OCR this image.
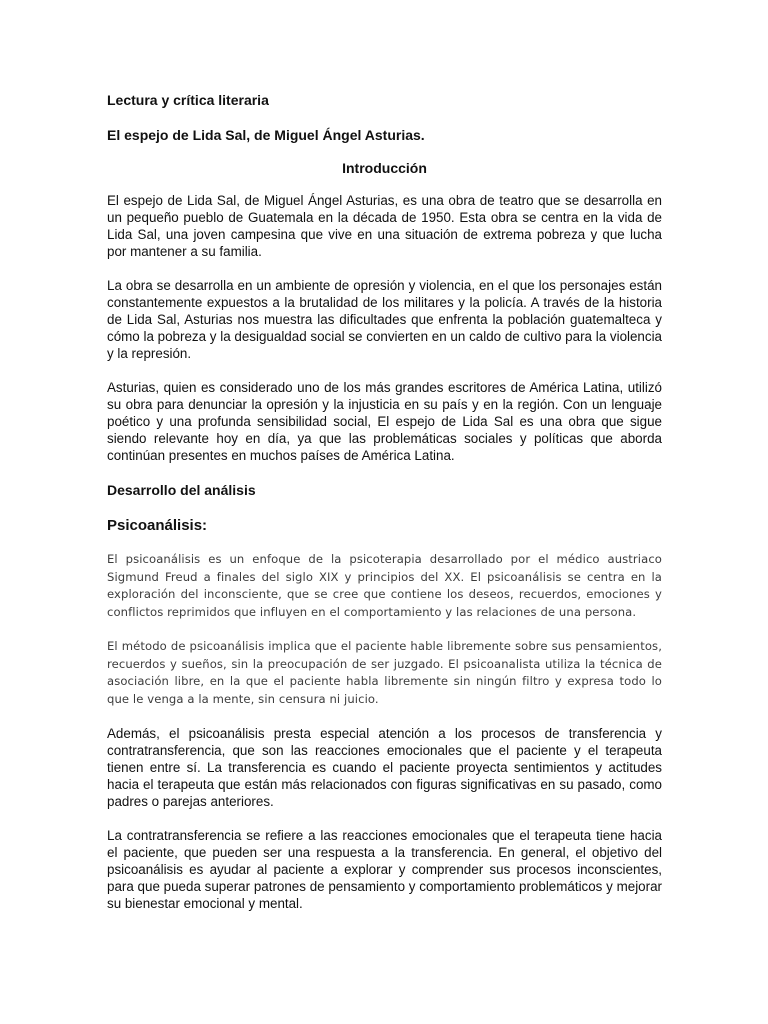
Lectura y crítica literaria
El espejo de Lida Sal, de Miguel Ángel Asturias.
Introducción

El espejo de Lida Sal, de Miguel Ángel Asturias, es una obra de teatro que se desarrolla en un pequeño pueblo de Guatemala en la década de 1950. Esta obra se centra en la vida de Lida Sal, una joven campesina que vive en una situación de extrema pobreza y que lucha por mantener a su familia.

La obra se desarrolla en un ambiente de opresión y violencia, en el que los personajes están constantemente expuestos a la brutalidad de los militares y la policía. A través de la historia de Lida Sal, Asturias nos muestra las dificultades que enfrenta la población guatemalteca y cómo la pobreza y la desigualdad social se convierten en un caldo de cultivo para la violencia y la represión.

Asturias, quien es considerado uno de los más grandes escritores de América Latina, utilizó su obra para denunciar la opresión y la injusticia en su país y en la región. Con un lenguaje poético y una profunda sensibilidad social, El espejo de Lida Sal es una obra que sigue siendo relevante hoy en día, ya que las problemáticas sociales y políticas que aborda continúan presentes en muchos países de América Latina.

Desarrollo del análisis
Psicoanálisis:

El psicoanálisis es un enfoque de la psicoterapia desarrollado por el médico austriaco Sigmund Freud a finales del siglo XIX y principios del XX. El psicoanálisis se centra en la exploración del inconsciente, que se cree que contiene los deseos, recuerdos, emociones y conflictos reprimidos que influyen en el comportamiento y las relaciones de una persona.

El método de psicoanálisis implica que el paciente hable libremente sobre sus pensamientos, recuerdos y sueños, sin la preocupación de ser juzgado. El psicoanalista utiliza la técnica de asociación libre, en la que el paciente habla libremente sin ningún filtro y expresa todo lo que le venga a la mente, sin censura ni juicio.

Además, el psicoanálisis presta especial atención a los procesos de transferencia y contratransferencia, que son las reacciones emocionales que el paciente y el terapeuta tienen entre sí. La transferencia es cuando el paciente proyecta sentimientos y actitudes hacia el terapeuta que están más relacionados con figuras significativas en su pasado, como padres o parejas anteriores.

La contratransferencia se refiere a las reacciones emocionales que el terapeuta tiene hacia el paciente, que pueden ser una respuesta a la transferencia. En general, el objetivo del psicoanálisis es ayudar al paciente a explorar y comprender sus procesos inconscientes, para que pueda superar patrones de pensamiento y comportamiento problemáticos y mejorar su bienestar emocional y mental.
